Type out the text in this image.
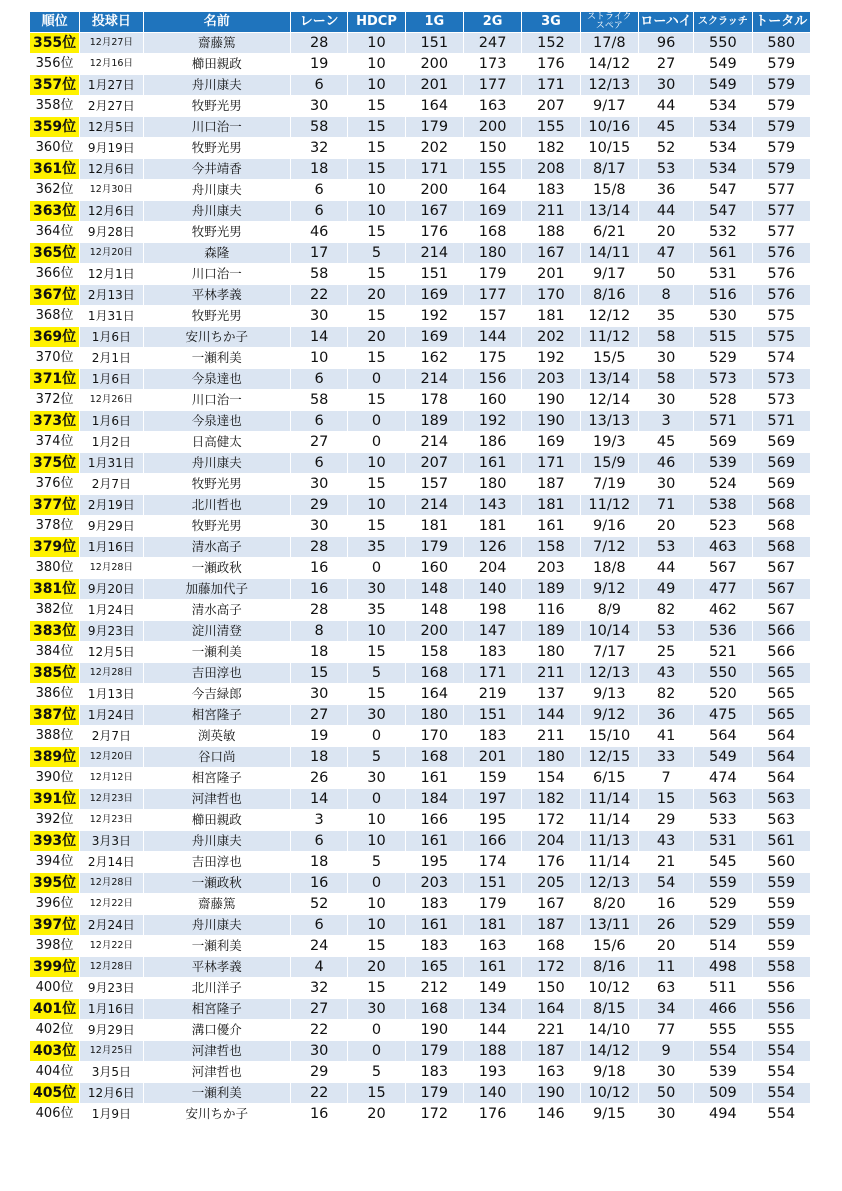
順位	投球日	名前	レーン	HDCP	1G	2G	3G	ストライク
スペア	ローハイ	スクラッチ	トータル
355位	12月27日	齋藤篤	28	10	151	247	152	17/8	96	550	580
356位	12月16日	櫛田親政	19	10	200	173	176	14/12	27	549	579
357位	1月27日	舟川康夫	6	10	201	177	171	12/13	30	549	579
358位	2月27日	牧野光男	30	15	164	163	207	9/17	44	534	579
359位	12月5日	川口治一	58	15	179	200	155	10/16	45	534	579
360位	9月19日	牧野光男	32	15	202	150	182	10/15	52	534	579
361位	12月6日	今井靖香	18	15	171	155	208	8/17	53	534	579
362位	12月30日	舟川康夫	6	10	200	164	183	15/8	36	547	577
363位	12月6日	舟川康夫	6	10	167	169	211	13/14	44	547	577
364位	9月28日	牧野光男	46	15	176	168	188	6/21	20	532	577
365位	12月20日	森隆	17	5	214	180	167	14/11	47	561	576
366位	12月1日	川口治一	58	15	151	179	201	9/17	50	531	576
367位	2月13日	平林孝義	22	20	169	177	170	8/16	8	516	576
368位	1月31日	牧野光男	30	15	192	157	181	12/12	35	530	575
369位	1月6日	安川ちか子	14	20	169	144	202	11/12	58	515	575
370位	2月1日	一瀬利美	10	15	162	175	192	15/5	30	529	574
371位	1月6日	今泉達也	6	0	214	156	203	13/14	58	573	573
372位	12月26日	川口治一	58	15	178	160	190	12/14	30	528	573
373位	1月6日	今泉達也	6	0	189	192	190	13/13	3	571	571
374位	1月2日	日高健太	27	0	214	186	169	19/3	45	569	569
375位	1月31日	舟川康夫	6	10	207	161	171	15/9	46	539	569
376位	2月7日	牧野光男	30	15	157	180	187	7/19	30	524	569
377位	2月19日	北川哲也	29	10	214	143	181	11/12	71	538	568
378位	9月29日	牧野光男	30	15	181	181	161	9/16	20	523	568
379位	1月16日	清水高子	28	35	179	126	158	7/12	53	463	568
380位	12月28日	一瀬政秋	16	0	160	204	203	18/8	44	567	567
381位	9月20日	加藤加代子	16	30	148	140	189	9/12	49	477	567
382位	1月24日	清水高子	28	35	148	198	116	8/9	82	462	567
383位	9月23日	淀川清登	8	10	200	147	189	10/14	53	536	566
384位	12月5日	一瀬利美	18	15	158	183	180	7/17	25	521	566
385位	12月28日	吉田淳也	15	5	168	171	211	12/13	43	550	565
386位	1月13日	今吉緑郎	30	15	164	219	137	9/13	82	520	565
387位	1月24日	相宮隆子	27	30	180	151	144	9/12	36	475	565
388位	2月7日	渕英敏	19	0	170	183	211	15/10	41	564	564
389位	12月20日	谷口尚	18	5	168	201	180	12/15	33	549	564
390位	12月12日	相宮隆子	26	30	161	159	154	6/15	7	474	564
391位	12月23日	河津哲也	14	0	184	197	182	11/14	15	563	563
392位	12月23日	櫛田親政	3	10	166	195	172	11/14	29	533	563
393位	3月3日	舟川康夫	6	10	161	166	204	11/13	43	531	561
394位	2月14日	吉田淳也	18	5	195	174	176	11/14	21	545	560
395位	12月28日	一瀬政秋	16	0	203	151	205	12/13	54	559	559
396位	12月22日	齋藤篤	52	10	183	179	167	8/20	16	529	559
397位	2月24日	舟川康夫	6	10	161	181	187	13/11	26	529	559
398位	12月22日	一瀬利美	24	15	183	163	168	15/6	20	514	559
399位	12月28日	平林孝義	4	20	165	161	172	8/16	11	498	558
400位	9月23日	北川洋子	32	15	212	149	150	10/12	63	511	556
401位	1月16日	相宮隆子	27	30	168	134	164	8/15	34	466	556
402位	9月29日	溝口優介	22	0	190	144	221	14/10	77	555	555
403位	12月25日	河津哲也	30	0	179	188	187	14/12	9	554	554
404位	3月5日	河津哲也	29	5	183	193	163	9/18	30	539	554
405位	12月6日	一瀬利美	22	15	179	140	190	10/12	50	509	554
406位	1月9日	安川ちか子	16	20	172	176	146	9/15	30	494	554
